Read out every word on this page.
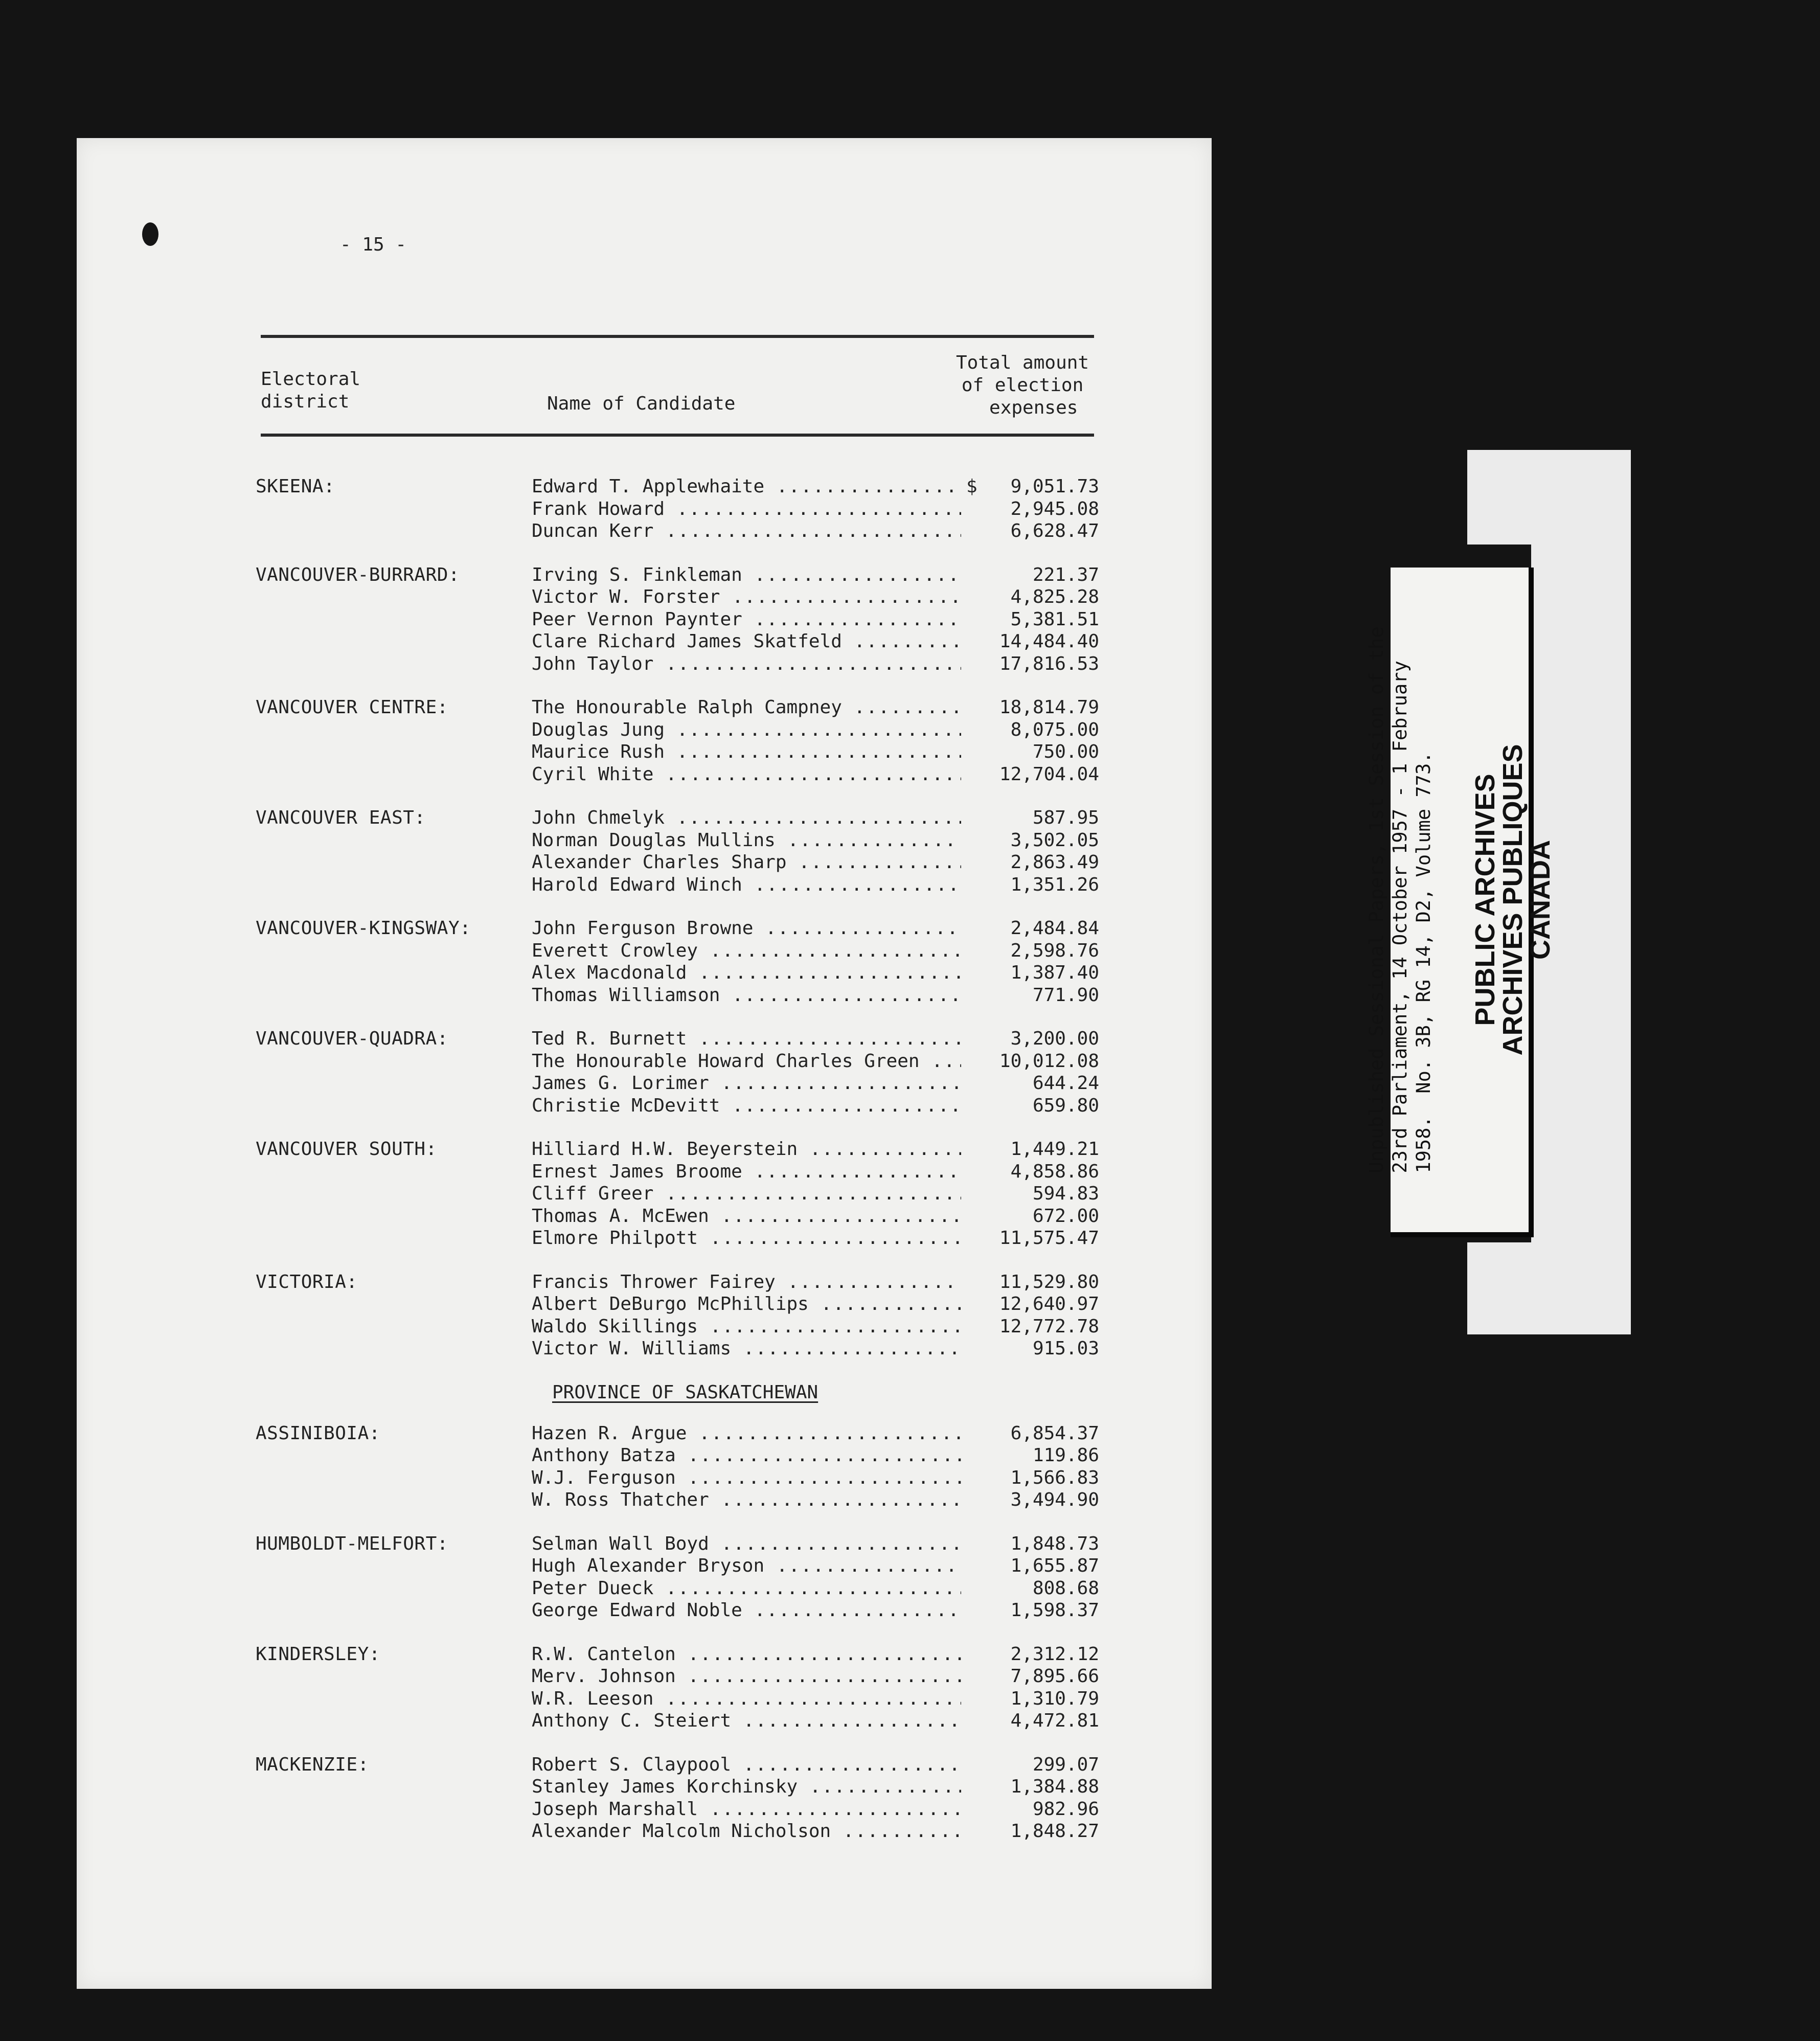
- 15 -
Electoral
district	Name of Candidate
Total amount
of election
expenses
SKEENA:	Edward T. Applewhaite .....	$	9,051.73
Frank Howard .....	2,945.08
Duncan Kerr .....	6,628.47
VANCOUVER-BURRARD:	Irving S. Finkleman .....	221.37
Victor W. Forster .....	4,825.28
Peer Vernon Paynter .....	5,381.51
Clare Richard James Skatfeld .....	14,484.40
John Taylor .....	17,816.53
VANCOUVER CENTRE:	The Honourable Ralph Campney .....	18,814.79
Douglas Jung .....	8,075.00
Maurice Rush .....	750.00
Cyril White .....	12,704.04
VANCOUVER EAST:	John Chmelyk .....	587.95
Norman Douglas Mullins .....	3,502.05
Alexander Charles Sharp .....	2,863.49
Harold Edward Winch .....	1,351.26
VANCOUVER-KINGSWAY:	John Ferguson Browne .....	2,484.84
Everett Crowley .....	2,598.76
Alex Macdonald .....	1,387.40
Thomas Williamson .....	771.90
VANCOUVER-QUADRA:	Ted R. Burnett .....	3,200.00
The Honourable Howard Charles Green .....	10,012.08
James G. Lorimer .....	644.24
Christie McDevitt .....	659.80
VANCOUVER SOUTH:	Hilliard H.W. Beyerstein .....	1,449.21
Ernest James Broome .....	4,858.86
Cliff Greer .....	594.83
Thomas A. McEwen .....	672.00
Elmore Philpott .....	11,575.47
VICTORIA:	Francis Thrower Fairey .....	11,529.80
Albert DeBurgo McPhillips .....	12,640.97
Waldo Skillings .....	12,772.78
Victor W. Williams .....	915.03
PROVINCE OF SASKATCHEWAN
ASSINIBOIA:	Hazen R. Argue .....	6,854.37
Anthony Batza .....	119.86
W.J. Ferguson .....	1,566.83
W. Ross Thatcher .....	3,494.90
HUMBOLDT-MELFORT:	Selman Wall Boyd .....	1,848.73
Hugh Alexander Bryson .....	1,655.87
Peter Dueck .....	808.68
George Edward Noble .....	1,598.37
KINDERSLEY:	R.W. Cantelon .....	2,312.12
Merv. Johnson .....	7,895.66
W.R. Leeson .....	1,310.79
Anthony C. Steiert .....	4,472.81
MACKENZIE:	Robert S. Claypool .....	299.07
Stanley James Korchinsky .....	1,384.88
Joseph Marshall .....	982.96
Alexander Malcolm Nicholson .....	1,848.27
Unpublished Sessional Papers, 1st Session of the
23rd Parliament, 14 October 1957 - 1 February
1958.  No. 3B, RG 14, D2, Volume 773.
PUBLIC ARCHIVES
ARCHIVES PUBLIQUES
CANADA
